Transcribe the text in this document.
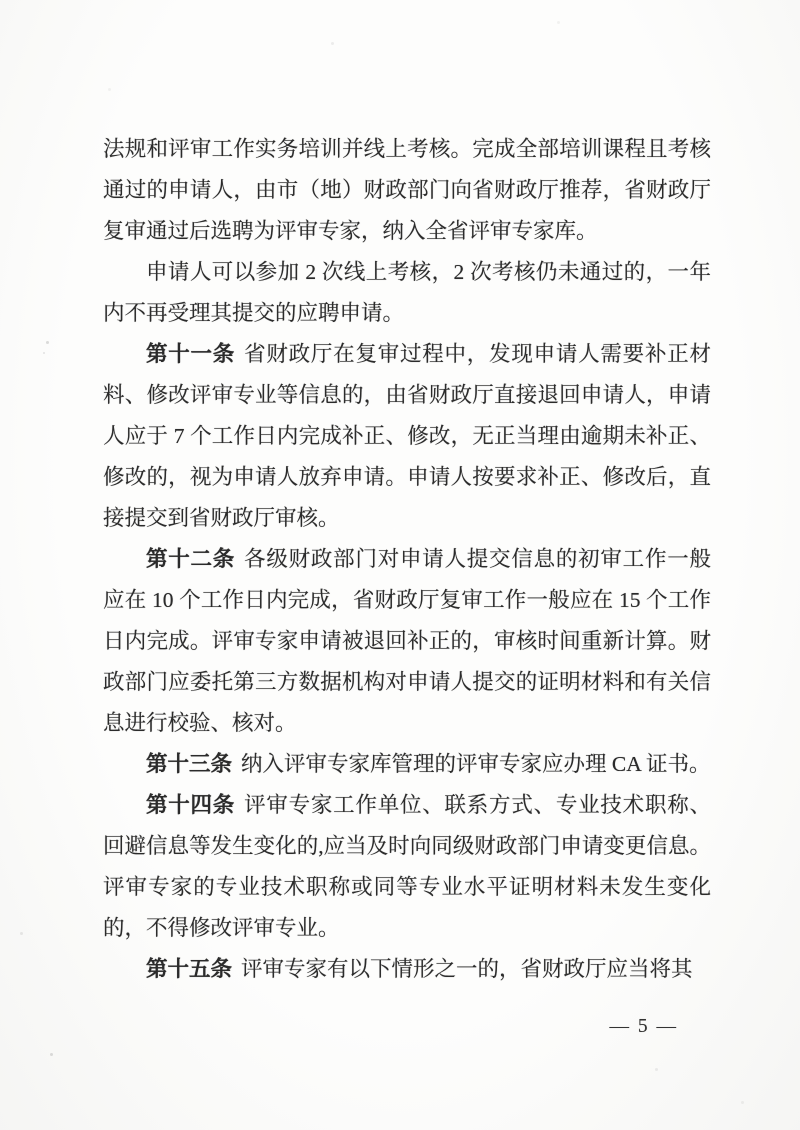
法规和评审工作实务培训并线上考核。完成全部培训课程且考核通过的申请人，由市（地）财政部门向省财政厅推荐，省财政厅复审通过后选聘为评审专家，纳入全省评审专家库。

申请人可以参加 2 次线上考核，2 次考核仍未通过的，一年内不再受理其提交的应聘申请。

第十一条 省财政厅在复审过程中，发现申请人需要补正材料、修改评审专业等信息的，由省财政厅直接退回申请人，申请人应于 7 个工作日内完成补正、修改，无正当理由逾期未补正、修改的，视为申请人放弃申请。申请人按要求补正、修改后，直接提交到省财政厅审核。

第十二条 各级财政部门对申请人提交信息的初审工作一般应在 10 个工作日内完成，省财政厅复审工作一般应在 15 个工作日内完成。评审专家申请被退回补正的，审核时间重新计算。财政部门应委托第三方数据机构对申请人提交的证明材料和有关信息进行校验、核对。

第十三条 纳入评审专家库管理的评审专家应办理 CA 证书。

第十四条 评审专家工作单位、联系方式、专业技术职称、回避信息等发生变化的,应当及时向同级财政部门申请变更信息。评审专家的专业技术职称或同等专业水平证明材料未发生变化的，不得修改评审专业。

第十五条 评审专家有以下情形之一的，省财政厅应当将其

— 5 —
